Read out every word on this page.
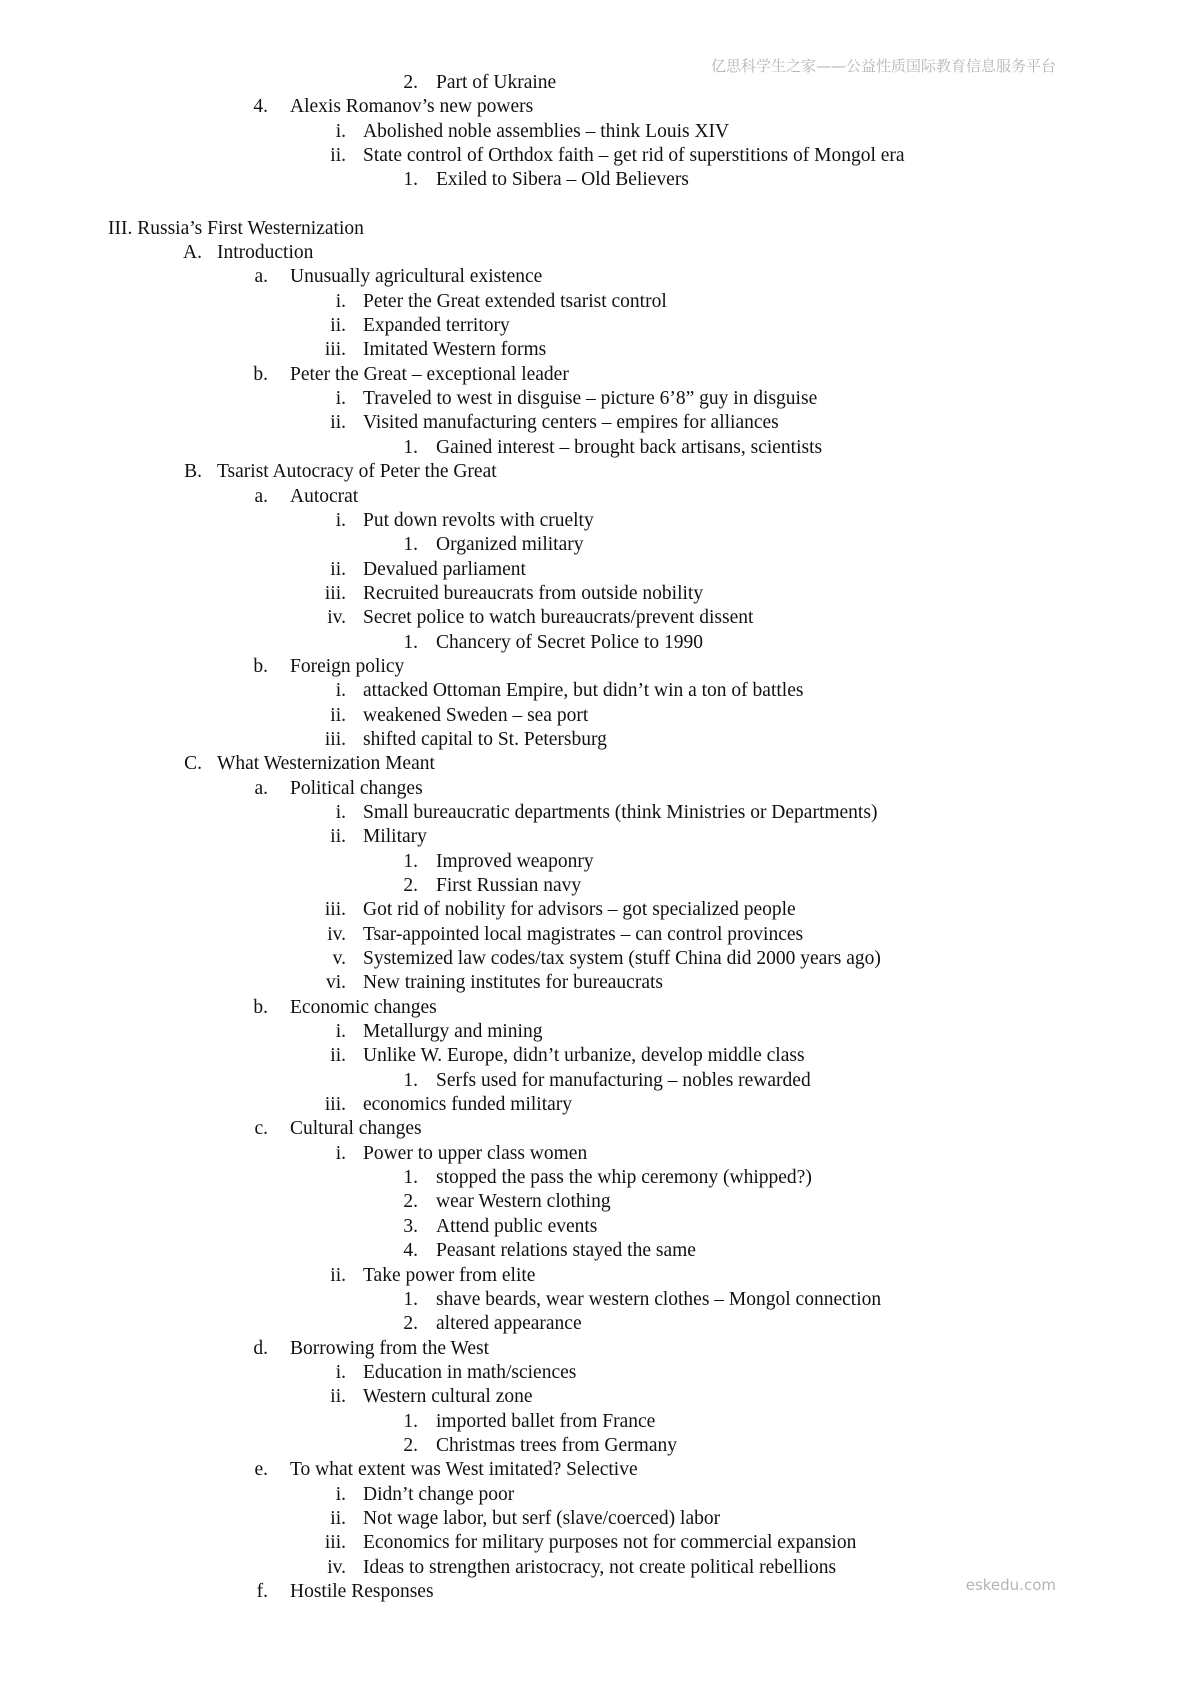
亿思科学生之家——公益性质国际教育信息服务平台
2. Part of Ukraine
4. Alexis Romanov’s new powers
i. Abolished noble assemblies – think Louis XIV
ii. State control of Orthdox faith – get rid of superstitions of Mongol era
1. Exiled to Sibera – Old Believers
III. Russia’s First Westernization
A. Introduction
a. Unusually agricultural existence
i. Peter the Great extended tsarist control
ii. Expanded territory
iii. Imitated Western forms
b. Peter the Great – exceptional leader
i. Traveled to west in disguise – picture 6’8” guy in disguise
ii. Visited manufacturing centers – empires for alliances
1. Gained interest – brought back artisans, scientists
B. Tsarist Autocracy of Peter the Great
a. Autocrat
i. Put down revolts with cruelty
1. Organized military
ii. Devalued parliament
iii. Recruited bureaucrats from outside nobility
iv. Secret police to watch bureaucrats/prevent dissent
1. Chancery of Secret Police to 1990
b. Foreign policy
i. attacked Ottoman Empire, but didn’t win a ton of battles
ii. weakened Sweden – sea port
iii. shifted capital to St. Petersburg
C. What Westernization Meant
a. Political changes
i. Small bureaucratic departments (think Ministries or Departments)
ii. Military
1. Improved weaponry
2. First Russian navy
iii. Got rid of nobility for advisors – got specialized people
iv. Tsar-appointed local magistrates – can control provinces
v. Systemized law codes/tax system (stuff China did 2000 years ago)
vi. New training institutes for bureaucrats
b. Economic changes
i. Metallurgy and mining
ii. Unlike W. Europe, didn’t urbanize, develop middle class
1. Serfs used for manufacturing – nobles rewarded
iii. economics funded military
c. Cultural changes
i. Power to upper class women
1. stopped the pass the whip ceremony (whipped?)
2. wear Western clothing
3. Attend public events
4. Peasant relations stayed the same
ii. Take power from elite
1. shave beards, wear western clothes – Mongol connection
2. altered appearance
d. Borrowing from the West
i. Education in math/sciences
ii. Western cultural zone
1. imported ballet from France
2. Christmas trees from Germany
e. To what extent was West imitated? Selective
i. Didn’t change poor
ii. Not wage labor, but serf (slave/coerced) labor
iii. Economics for military purposes not for commercial expansion
iv. Ideas to strengthen aristocracy, not create political rebellions
f. Hostile Responses	eskedu.com
